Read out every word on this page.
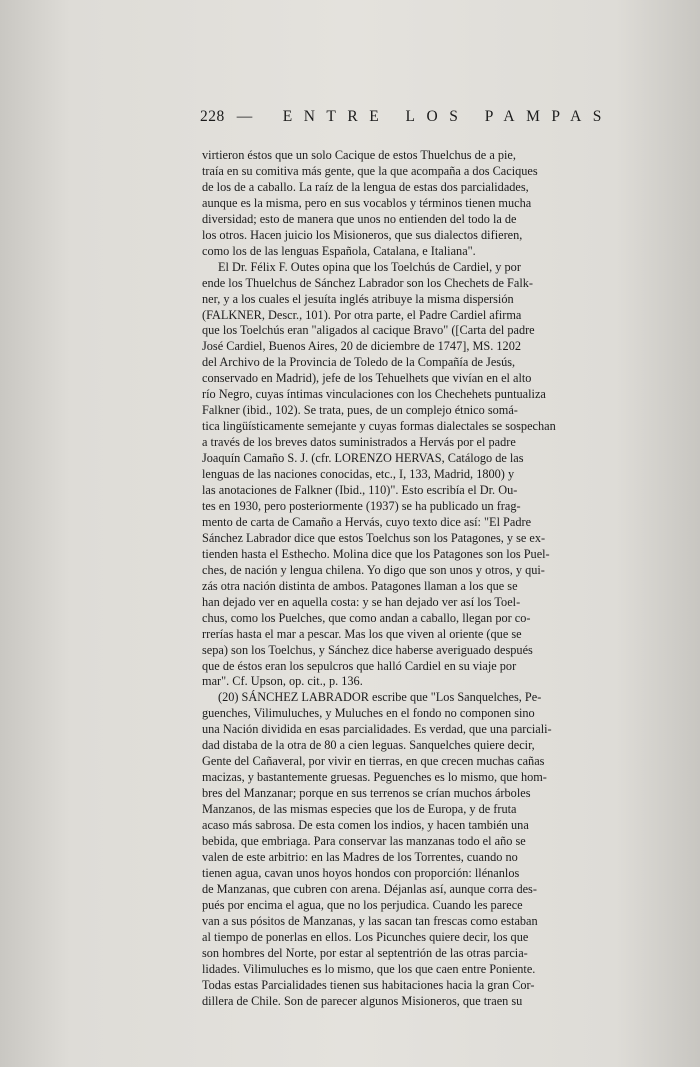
228 — ENTRE LOS PAMPAS
virtieron éstos que un solo Cacique de estos Thuelchus de a pie,
traía en su comitiva más gente, que la que acompaña a dos Caciques
de los de a caballo. La raíz de la lengua de estas dos parcialidades,
aunque es la misma, pero en sus vocablos y términos tienen mucha
diversidad; esto de manera que unos no entienden del todo la de
los otros. Hacen juicio los Misioneros, que sus dialectos difieren,
como los de las lenguas Española, Catalana, e Italiana".
El Dr. Félix F. Outes opina que los Toelchús de Cardiel, y por
ende los Thuelchus de Sánchez Labrador son los Chechets de Falk-
ner, y a los cuales el jesuíta inglés atribuye la misma dispersión
(FALKNER, Descr., 101). Por otra parte, el Padre Cardiel afirma
que los Toelchús eran "aligados al cacique Bravo" ([Carta del padre
José Cardiel, Buenos Aires, 20 de diciembre de 1747], MS. 1202
del Archivo de la Provincia de Toledo de la Compañía de Jesús,
conservado en Madrid), jefe de los Tehuelhets que vivían en el alto
río Negro, cuyas íntimas vinculaciones con los Chechehets puntualiza
Falkner (ibid., 102). Se trata, pues, de un complejo étnico somá-
tica lingüísticamente semejante y cuyas formas dialectales se sospechan
a través de los breves datos suministrados a Hervás por el padre
Joaquín Camaño S. J. (cfr. LORENZO HERVAS, Catálogo de las
lenguas de las naciones conocidas, etc., I, 133, Madrid, 1800) y
las anotaciones de Falkner (Ibid., 110)". Esto escribía el Dr. Ou-
tes en 1930, pero posteriormente (1937) se ha publicado un frag-
mento de carta de Camaño a Hervás, cuyo texto dice así: "El Padre
Sánchez Labrador dice que estos Toelchus son los Patagones, y se ex-
tienden hasta el Esthecho. Molina dice que los Patagones son los Puel-
ches, de nación y lengua chilena. Yo digo que son unos y otros, y qui-
zás otra nación distinta de ambos. Patagones llaman a los que se
han dejado ver en aquella costa: y se han dejado ver así los Toel-
chus, como los Puelches, que como andan a caballo, llegan por co-
rrerías hasta el mar a pescar. Mas los que viven al oriente (que se
sepa) son los Toelchus, y Sánchez dice haberse averiguado después
que de éstos eran los sepulcros que halló Cardiel en su viaje por
mar". Cf. Upson, op. cit., p. 136.
(20) SÁNCHEZ LABRADOR escribe que "Los Sanquelches, Pe-
guenches, Vilimuluches, y Muluches en el fondo no componen sino
una Nación dividida en esas parcialidades. Es verdad, que una parciali-
dad distaba de la otra de 80 a cien leguas. Sanquelches quiere decir,
Gente del Cañaveral, por vivir en tierras, en que crecen muchas cañas
macizas, y bastantemente gruesas. Peguenches es lo mismo, que hom-
bres del Manzanar; porque en sus terrenos se crían muchos árboles
Manzanos, de las mismas especies que los de Europa, y de fruta
acaso más sabrosa. De esta comen los indios, y hacen también una
bebida, que embriaga. Para conservar las manzanas todo el año se
valen de este arbitrio: en las Madres de los Torrentes, cuando no
tienen agua, cavan unos hoyos hondos con proporción: llénanlos
de Manzanas, que cubren con arena. Déjanlas así, aunque corra des-
pués por encima el agua, que no los perjudica. Cuando les parece
van a sus pósitos de Manzanas, y las sacan tan frescas como estaban
al tiempo de ponerlas en ellos. Los Picunches quiere decir, los que
son hombres del Norte, por estar al septentrión de las otras parcia-
lidades. Vilimuluches es lo mismo, que los que caen entre Poniente.
Todas estas Parcialidades tienen sus habitaciones hacia la gran Cor-
dillera de Chile. Son de parecer algunos Misioneros, que traen su
